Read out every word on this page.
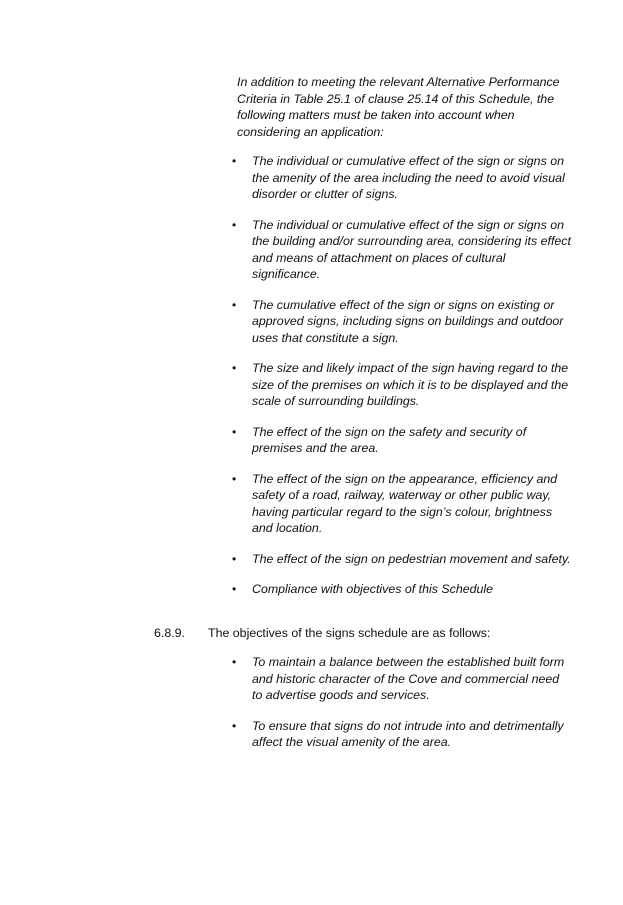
In addition to meeting the relevant Alternative Performance Criteria in Table 25.1 of clause 25.14 of this Schedule, the following matters must be taken into account when considering an application:

• The individual or cumulative effect of the sign or signs on the amenity of the area including the need to avoid visual disorder or clutter of signs.
• The individual or cumulative effect of the sign or signs on the building and/or surrounding area, considering its effect and means of attachment on places of cultural significance.
• The cumulative effect of the sign or signs on existing or approved signs, including signs on buildings and outdoor uses that constitute a sign.
• The size and likely impact of the sign having regard to the size of the premises on which it is to be displayed and the scale of surrounding buildings.
• The effect of the sign on the safety and security of premises and the area.
• The effect of the sign on the appearance, efficiency and safety of a road, railway, waterway or other public way, having particular regard to the sign’s colour, brightness and location.
• The effect of the sign on pedestrian movement and safety.
• Compliance with objectives of this Schedule
6.8.9. The objectives of the signs schedule are as follows:
• To maintain a balance between the established built form and historic character of the Cove and commercial need to advertise goods and services.
• To ensure that signs do not intrude into and detrimentally affect the visual amenity of the area.
